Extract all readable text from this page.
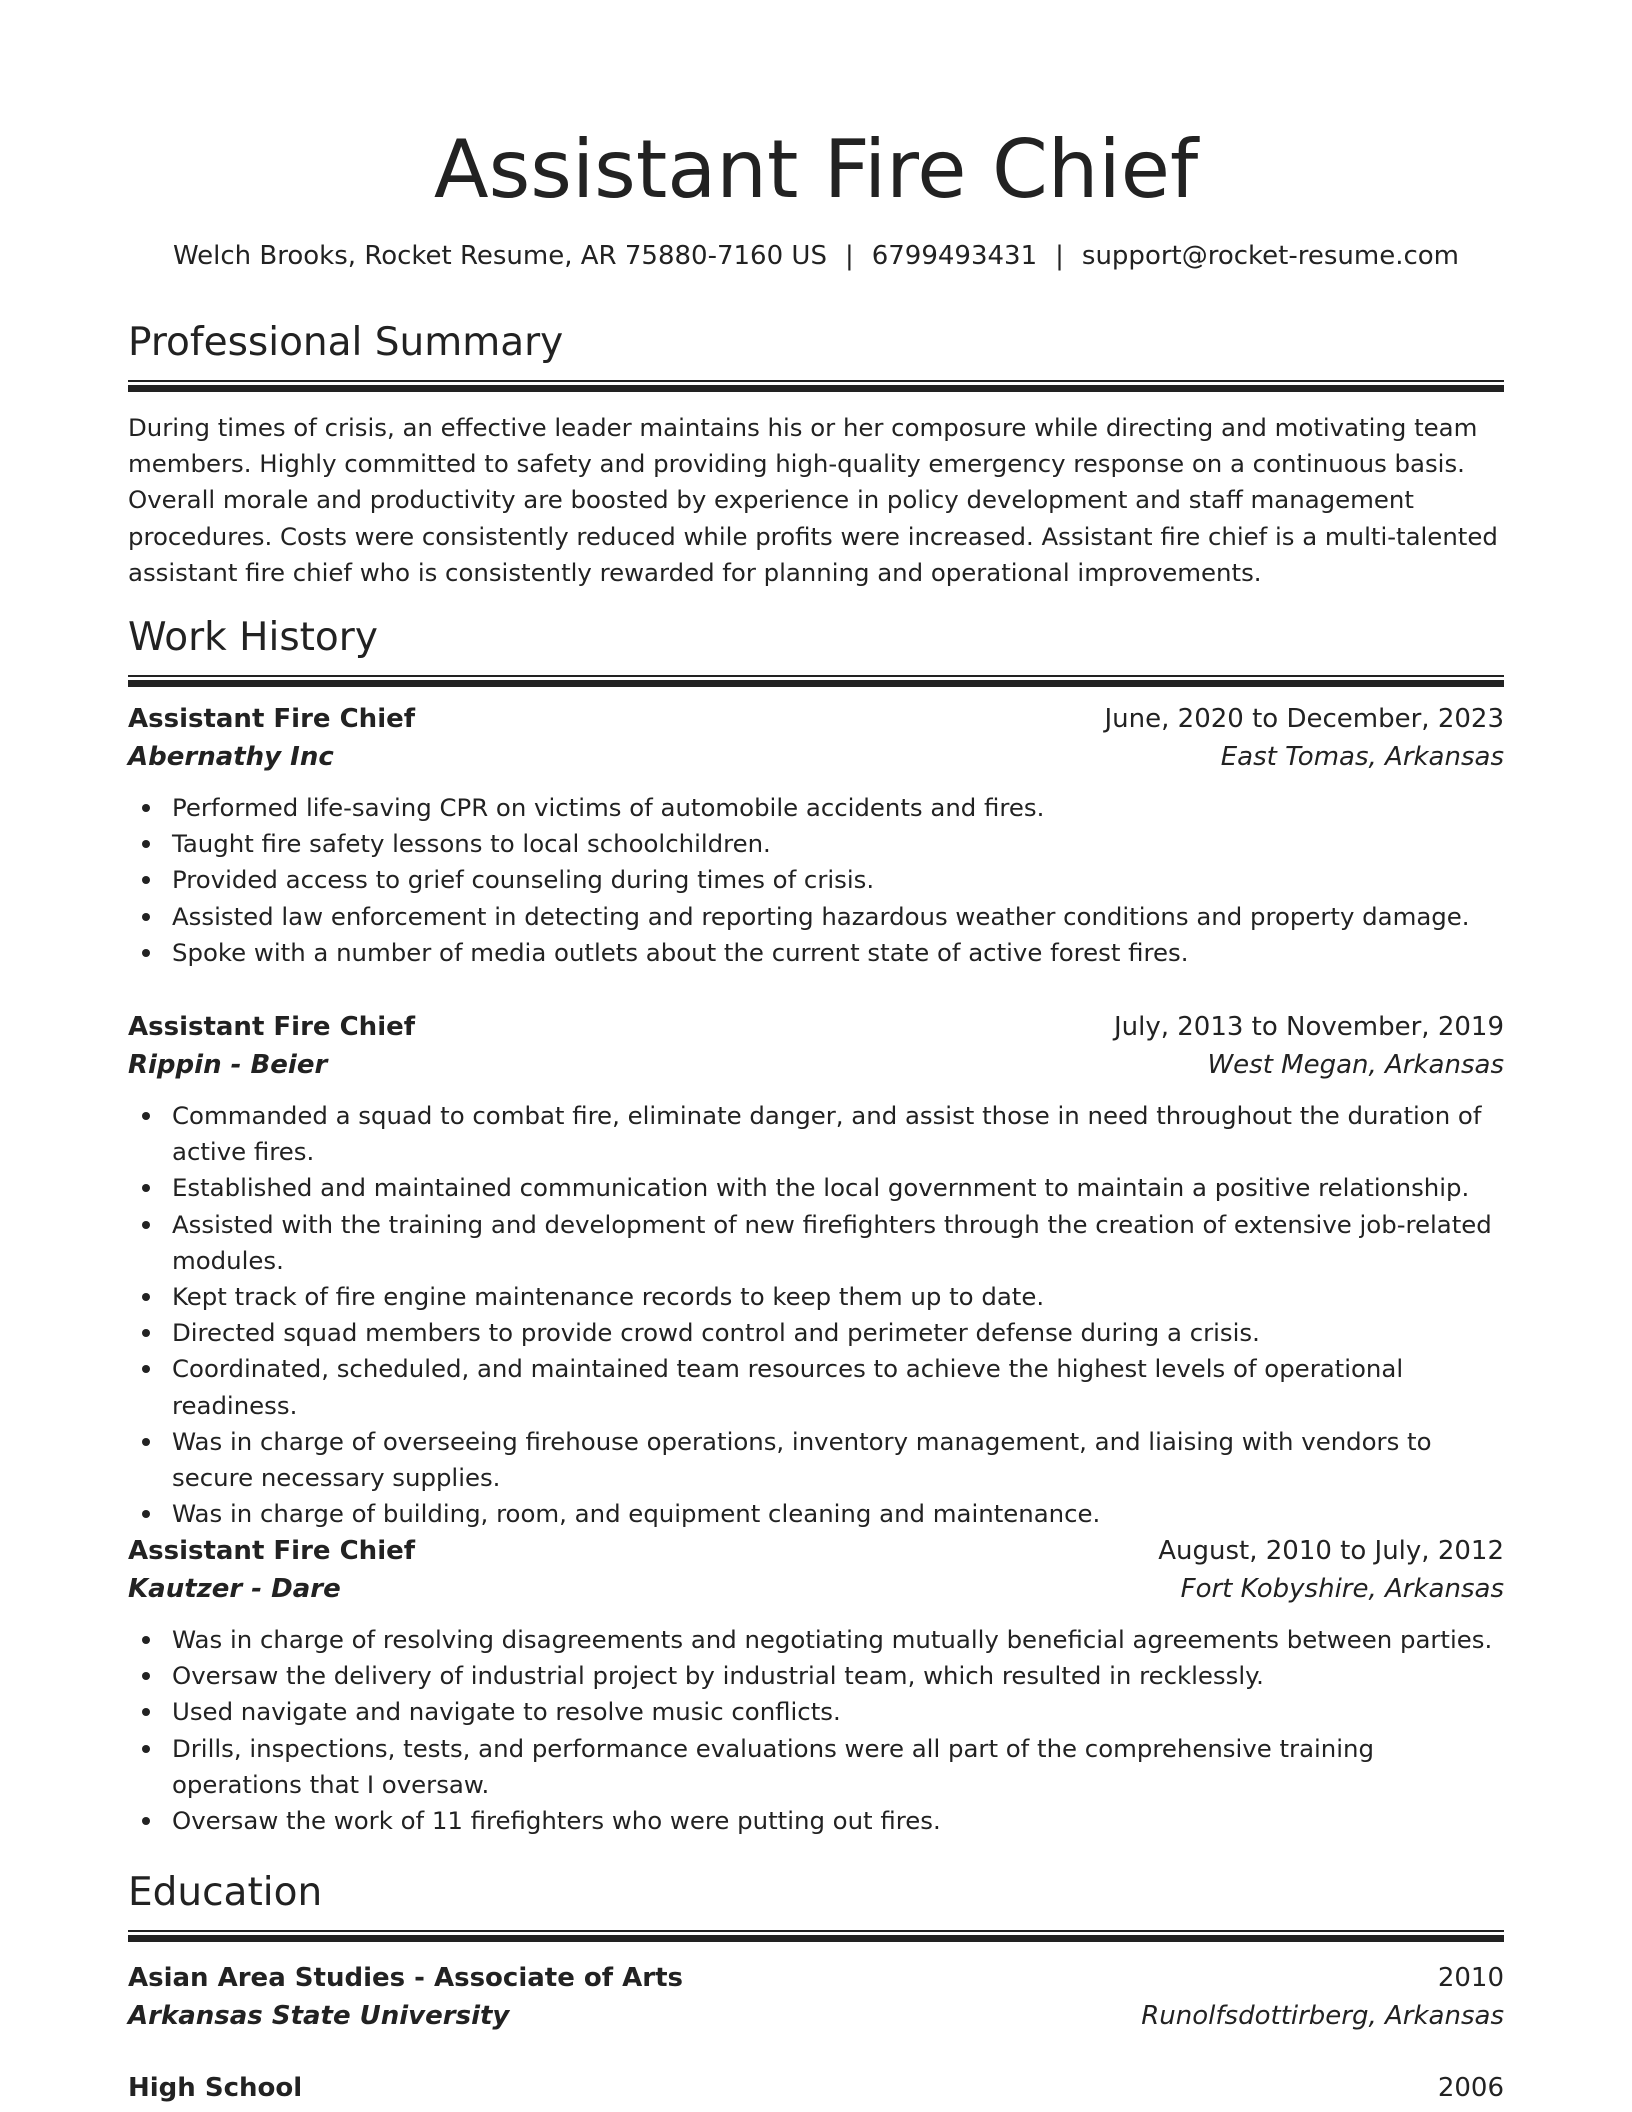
Assistant Fire Chief
Welch Brooks, Rocket Resume, AR 75880-7160 US | 6799493431 | support@rocket-resume.com
Professional Summary

During times of crisis, an effective leader maintains his or her composure while directing and motivating team members. Highly committed to safety and providing high-quality emergency response on a continuous basis. Overall morale and productivity are boosted by experience in policy development and staff management procedures. Costs were consistently reduced while profits were increased. Assistant fire chief is a multi-talented assistant fire chief who is consistently rewarded for planning and operational improvements.

Work History
Assistant Fire Chief	June, 2020 to December, 2023
Abernathy Inc	East Tomas, Arkansas
Performed life-saving CPR on victims of automobile accidents and fires.
Taught fire safety lessons to local schoolchildren.
Provided access to grief counseling during times of crisis.
Assisted law enforcement in detecting and reporting hazardous weather conditions and property damage.
Spoke with a number of media outlets about the current state of active forest fires.
Assistant Fire Chief	July, 2013 to November, 2019
Rippin - Beier	West Megan, Arkansas
Commanded a squad to combat fire, eliminate danger, and assist those in need throughout the duration of active fires.
Established and maintained communication with the local government to maintain a positive relationship.
Assisted with the training and development of new firefighters through the creation of extensive job-related modules.
Kept track of fire engine maintenance records to keep them up to date.
Directed squad members to provide crowd control and perimeter defense during a crisis.
Coordinated, scheduled, and maintained team resources to achieve the highest levels of operational readiness.
Was in charge of overseeing firehouse operations, inventory management, and liaising with vendors to secure necessary supplies.
Was in charge of building, room, and equipment cleaning and maintenance.
Assistant Fire Chief	August, 2010 to July, 2012
Kautzer - Dare	Fort Kobyshire, Arkansas
Was in charge of resolving disagreements and negotiating mutually beneficial agreements between parties.
Oversaw the delivery of industrial project by industrial team, which resulted in recklessly.
Used navigate and navigate to resolve music conflicts.
Drills, inspections, tests, and performance evaluations were all part of the comprehensive training operations that I oversaw.
Oversaw the work of 11 firefighters who were putting out fires.
Education
Asian Area Studies - Associate of Arts	2010
Arkansas State University	Runolfsdottirberg, Arkansas
High School	2006
